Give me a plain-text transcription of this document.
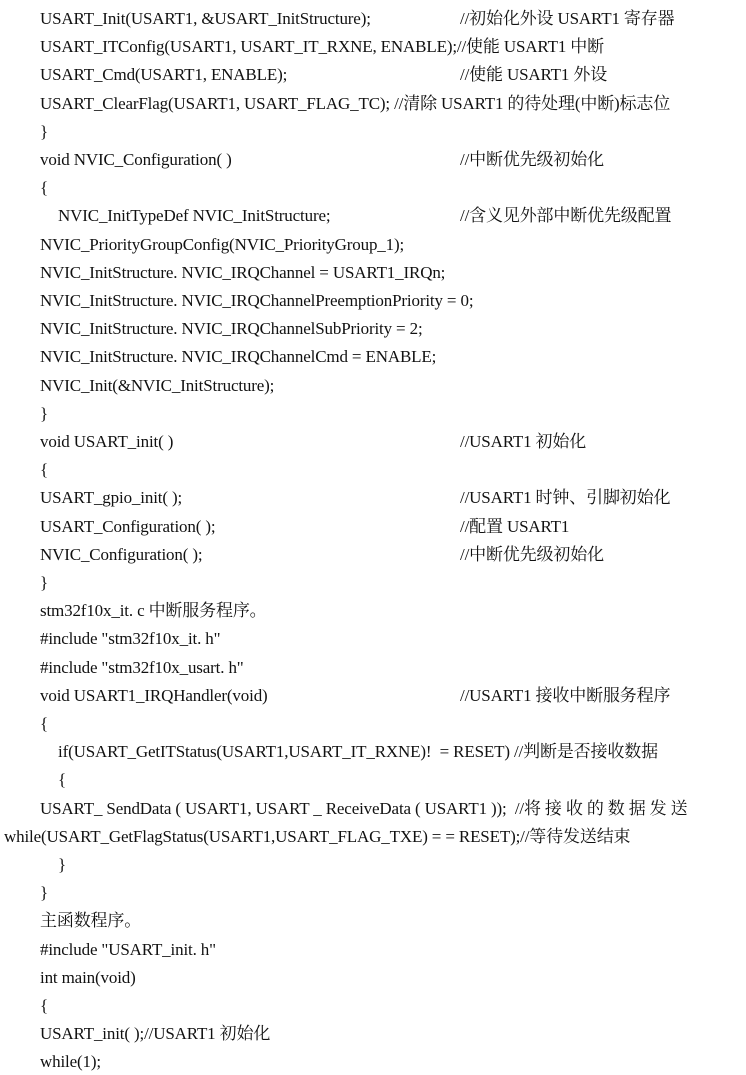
USART_Init(USART1, &USART_InitStructure);	//初始化外设 USART1 寄存器
USART_ITConfig(USART1, USART_IT_RXNE, ENABLE);//使能 USART1 中断
USART_Cmd(USART1, ENABLE);	//使能 USART1 外设
USART_ClearFlag(USART1, USART_FLAG_TC); //清除 USART1 的待处理(中断)标志位
}
void NVIC_Configuration( )	//中断优先级初始化
{
NVIC_InitTypeDef NVIC_InitStructure;	//含义见外部中断优先级配置
NVIC_PriorityGroupConfig(NVIC_PriorityGroup_1);
NVIC_InitStructure. NVIC_IRQChannel = USART1_IRQn;
NVIC_InitStructure. NVIC_IRQChannelPreemptionPriority = 0;
NVIC_InitStructure. NVIC_IRQChannelSubPriority = 2;
NVIC_InitStructure. NVIC_IRQChannelCmd = ENABLE;
NVIC_Init(&NVIC_InitStructure);
}
void USART_init( )	//USART1 初始化
{
USART_gpio_init( );	//USART1 时钟、引脚初始化
USART_Configuration( );	//配置 USART1
NVIC_Configuration( );	//中断优先级初始化
}
stm32f10x_it. c 中断服务程序。
#include "stm32f10x_it. h"
#include "stm32f10x_usart. h"
void USART1_IRQHandler(void)	//USART1 接收中断服务程序
{
if(USART_GetITStatus(USART1,USART_IT_RXNE)!  = RESET) //判断是否接收数据
{
USART_ SendData ( USART1, USART _ ReceiveData ( USART1 ));  //将 接 收 的 数 据 发 送
while(USART_GetFlagStatus(USART1,USART_FLAG_TXE) = = RESET);//等待发送结束
}
}
主函数程序。
#include "USART_init. h"
int main(void)
{
USART_init( );//USART1 初始化
while(1);
